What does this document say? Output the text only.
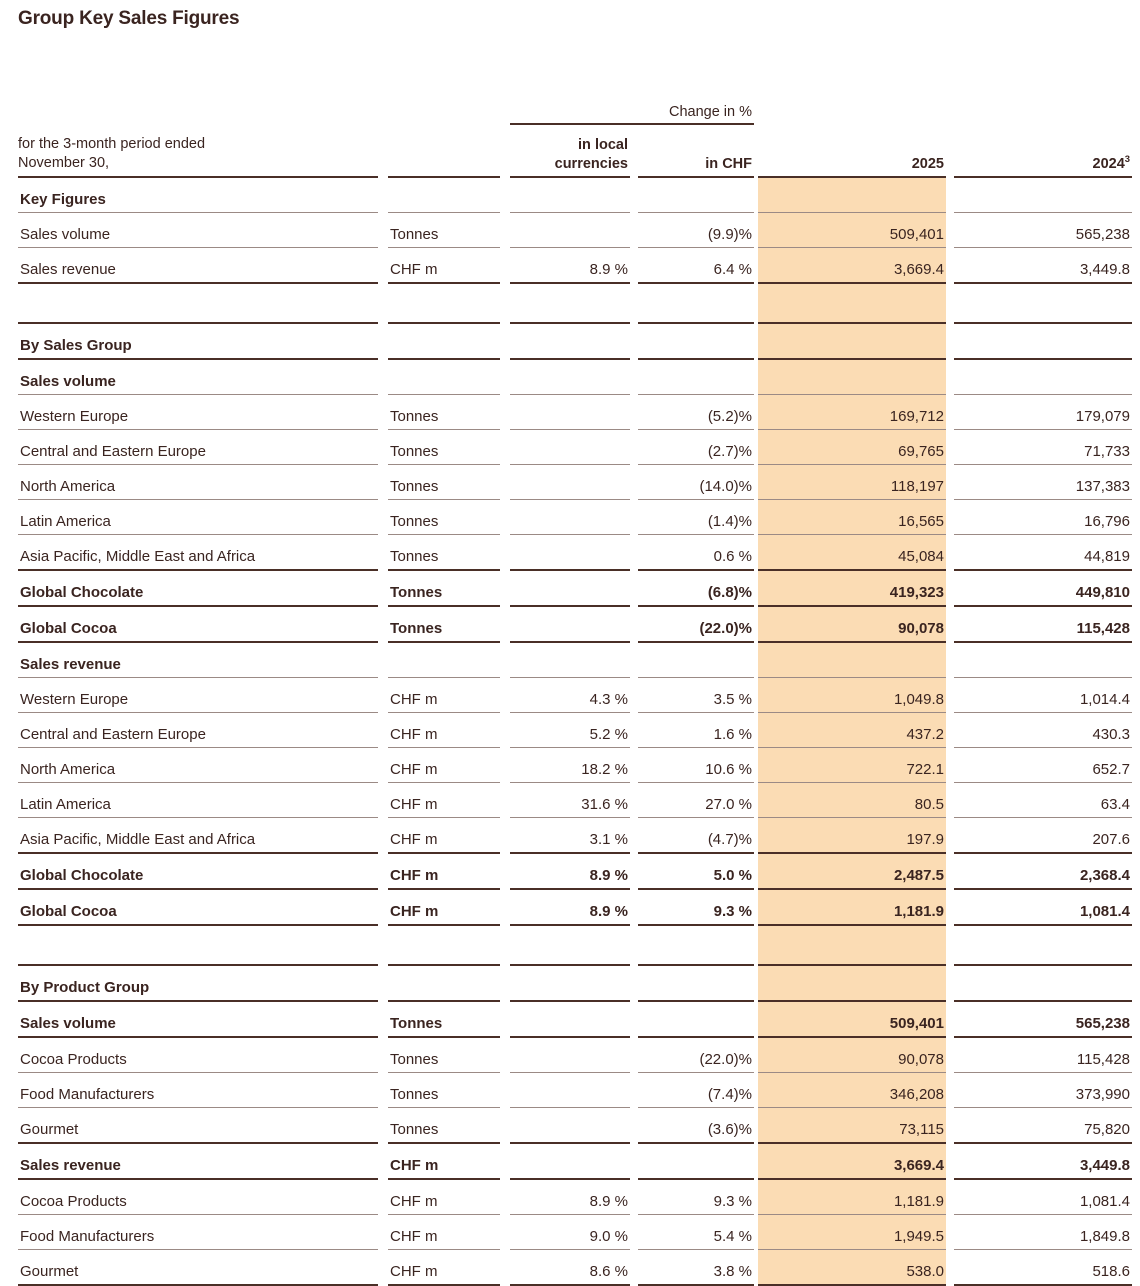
Group Key Sales Figures
				Change in %						
for the 3-month period ended
November 30,				in local
currencies		in CHF		2025		2024$^3$
Key Figures										
Sales volume		Tonnes				(9.9)%		509,401		565,238
Sales revenue		CHF m		8.9 %		6.4 %		3,669.4		3,449.8

By Sales Group										
Sales volume										
Western Europe		Tonnes				(5.2)%		169,712		179,079
Central and Eastern Europe		Tonnes				(2.7)%		69,765		71,733
North America		Tonnes				(14.0)%		118,197		137,383
Latin America		Tonnes				(1.4)%		16,565		16,796
Asia Pacific, Middle East and Africa		Tonnes				0.6 %		45,084		44,819
Global Chocolate		Tonnes				(6.8)%		419,323		449,810
Global Cocoa		Tonnes				(22.0)%		90,078		115,428
Sales revenue										
Western Europe		CHF m		4.3 %		3.5 %		1,049.8		1,014.4
Central and Eastern Europe		CHF m		5.2 %		1.6 %		437.2		430.3
North America		CHF m		18.2 %		10.6 %		722.1		652.7
Latin America		CHF m		31.6 %		27.0 %		80.5		63.4
Asia Pacific, Middle East and Africa		CHF m		3.1 %		(4.7)%		197.9		207.6
Global Chocolate		CHF m		8.9 %		5.0 %		2,487.5		2,368.4
Global Cocoa		CHF m		8.9 %		9.3 %		1,181.9		1,081.4

By Product Group										
Sales volume		Tonnes						509,401		565,238
Cocoa Products		Tonnes				(22.0)%		90,078		115,428
Food Manufacturers		Tonnes				(7.4)%		346,208		373,990
Gourmet		Tonnes				(3.6)%		73,115		75,820
Sales revenue		CHF m						3,669.4		3,449.8
Cocoa Products		CHF m		8.9 %		9.3 %		1,181.9		1,081.4
Food Manufacturers		CHF m		9.0 %		5.4 %		1,949.5		1,849.8
Gourmet		CHF m		8.6 %		3.8 %		538.0		518.6
